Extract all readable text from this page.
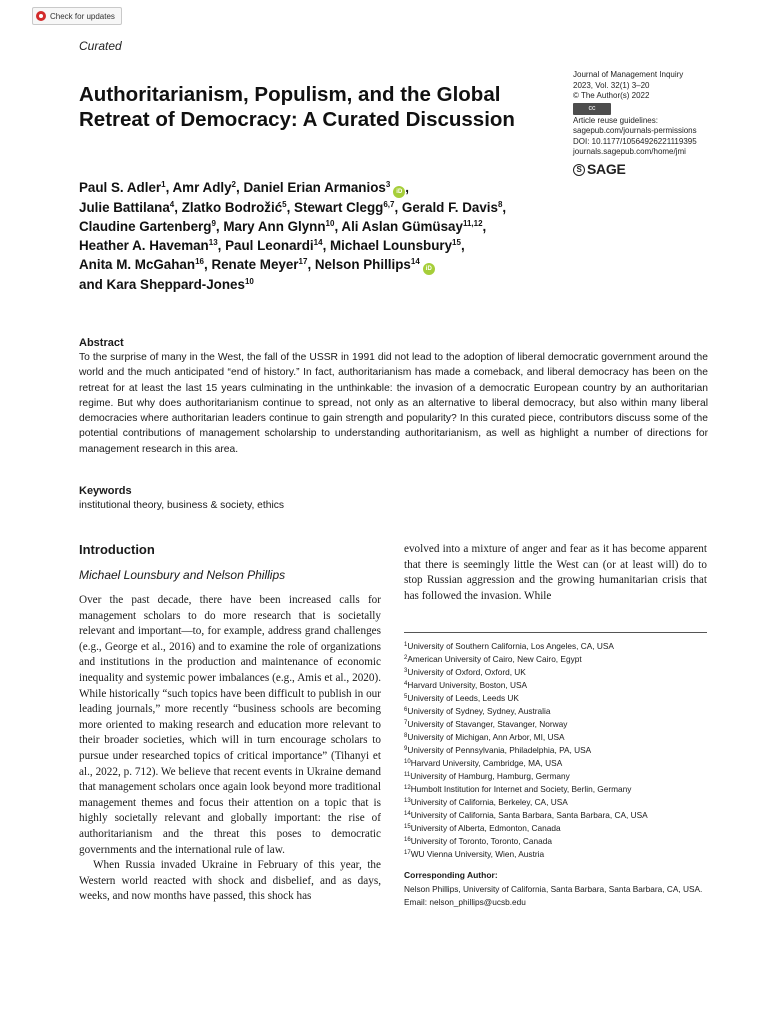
Check for updates
Curated
Authoritarianism, Populism, and the Global Retreat of Democracy: A Curated Discussion
Journal of Management Inquiry
2023, Vol. 32(1) 3–20
© The Author(s) 2022
cc
Article reuse guidelines:
sagepub.com/journals-permissions
DOI: 10.1177/10564926221119395
journals.sagepub.com/home/jmi
S SAGE
Paul S. Adler$^1$, Amr Adly$^2$, Daniel Erian Armanios$^3$iD ,
Julie Battilana$^4$, Zlatko Bodrožić$^5$, Stewart Clegg$^{6,7}$, Gerald F. Davis$^8$,
Claudine Gartenberg$^9$, Mary Ann Glynn$^{10}$, Ali Aslan Gümüsay$^{11,12}$,
Heather A. Haveman$^{13}$, Paul Leonardi$^{14}$, Michael Lounsbury$^{15}$,
Anita M. McGahan$^{16}$, Renate Meyer$^{17}$, Nelson Phillips$^{14}$iD
and Kara Sheppard-Jones$^{10}$
Abstract

To the surprise of many in the West, the fall of the USSR in 1991 did not lead to the adoption of liberal democratic government around the world and the much anticipated “end of history.” In fact, authoritarianism has made a comeback, and liberal democracy has been on the retreat for at least the last 15 years culminating in the unthinkable: the invasion of a democratic European country by an authoritarian regime. But why does authoritarianism continue to spread, not only as an alternative to liberal democracy, but also within many liberal democracies where authoritarian leaders continue to gain strength and popularity? In this curated piece, contributors discuss some of the potential contributions of management scholarship to understanding authoritarianism, as well as highlight a number of directions for management research in this area.

Keywords
institutional theory, business & society, ethics
Introduction
Michael Lounsbury and Nelson Phillips

Over the past decade, there have been increased calls for management scholars to do more research that is societally relevant and important—to, for example, address grand challenges (e.g., George et al., 2016) and to examine the role of organizations and institutions in the production and maintenance of economic inequality and systemic power imbalances (e.g., Amis et al., 2020). While historically “such topics have been difficult to publish in our leading journals,” more recently “business schools are becoming more oriented to making research and education more relevant to their broader societies, which will in turn encourage scholars to pursue under researched topics of critical importance” (Tihanyi et al., 2022, p. 712). We believe that recent events in Ukraine demand that management scholars once again look beyond more traditional management themes and focus their attention on a topic that is highly societally relevant and globally important: the rise of authoritarianism and the threat this poses to democratic governments and the international rule of law.

When Russia invaded Ukraine in February of this year, the Western world reacted with shock and disbelief, and as days, weeks, and now months have passed, this shock has

evolved into a mixture of anger and fear as it has become apparent that there is seemingly little the West can (or at least will) do to stop Russian aggression and the growing humanitarian crisis that has followed the invasion. While

$^1$University of Southern California, Los Angeles, CA, USA
$^2$American University of Cairo, New Cairo, Egypt
$^3$University of Oxford, Oxford, UK
$^4$Harvard University, Boston, USA
$^5$University of Leeds, Leeds UK
$^6$University of Sydney, Sydney, Australia
$^7$University of Stavanger, Stavanger, Norway
$^8$University of Michigan, Ann Arbor, MI, USA
$^9$University of Pennsylvania, Philadelphia, PA, USA
$^{10}$Harvard University, Cambridge, MA, USA
$^{11}$University of Hamburg, Hamburg, Germany
$^{12}$Humbolt Institution for Internet and Society, Berlin, Germany
$^{13}$University of California, Berkeley, CA, USA
$^{14}$University of California, Santa Barbara, Santa Barbara, CA, USA
$^{15}$University of Alberta, Edmonton, Canada
$^{16}$University of Toronto, Toronto, Canada
$^{17}$WU Vienna University, Wien, Austria
Corresponding Author:
Nelson Phillips, University of California, Santa Barbara, Santa Barbara, CA, USA.
Email: nelson_phillips@ucsb.edu
